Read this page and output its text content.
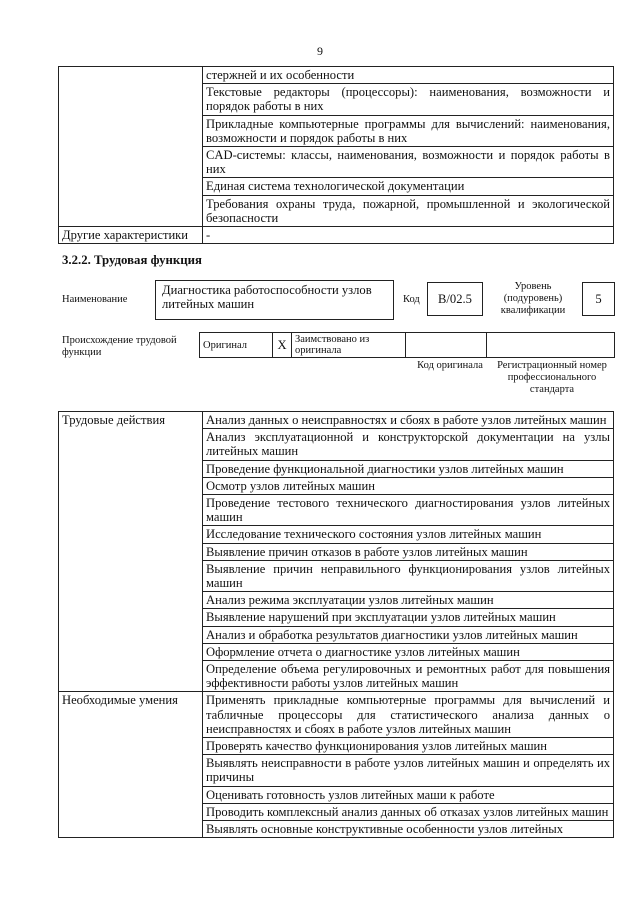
9
	стержней и их особенности
	Текстовые редакторы (процессоры): наименования, возможности и порядок работы в них
	Прикладные компьютерные программы для вычислений: наименования, возможности и порядок работы в них
	CAD-системы: классы, наименования, возможности и порядок работы в них
	Единая система технологической документации
	Требования охраны труда, пожарной, промышленной и экологической безопасности
Другие характеристики	-
3.2.2. Трудовая функция
Наименование
Диагностика работоспособности узлов литейных машин	Код	B/02.5
Уровень (подуровень) квалификации
5
Происхождение трудовой функции
Оригинал	X	Заимствовано из оригинала		
Код оригинала	Регистрационный номер профессионального стандарта
Трудовые действия	Анализ данных о неисправностях и сбоях в работе узлов литейных машин
	Анализ эксплуатационной и конструкторской документации на узлы литейных машин
	Проведение функциональной диагностики узлов литейных машин
	Осмотр узлов литейных машин
	Проведение тестового технического диагностирования узлов литейных машин
	Исследование технического состояния узлов литейных машин
	Выявление причин отказов в работе узлов литейных машин
	Выявление причин неправильного функционирования узлов литейных машин
	Анализ режима эксплуатации узлов литейных машин
	Выявление нарушений при эксплуатации узлов литейных машин
	Анализ и обработка результатов диагностики узлов литейных машин
	Оформление отчета о диагностике узлов литейных машин
	Определение объема регулировочных и ремонтных работ для повышения эффективности работы узлов литейных машин
Необходимые умения	Применять прикладные компьютерные программы для вычислений и табличные процессоры для статистического анализа данных о неисправностях и сбоях в работе узлов литейных машин
	Проверять качество функционирования узлов литейных машин
	Выявлять неисправности в работе узлов литейных машин и определять их причины
	Оценивать готовность узлов литейных маши к работе
	Проводить комплексный анализ данных об отказах узлов литейных машин
	Выявлять основные конструктивные особенности узлов литейных
